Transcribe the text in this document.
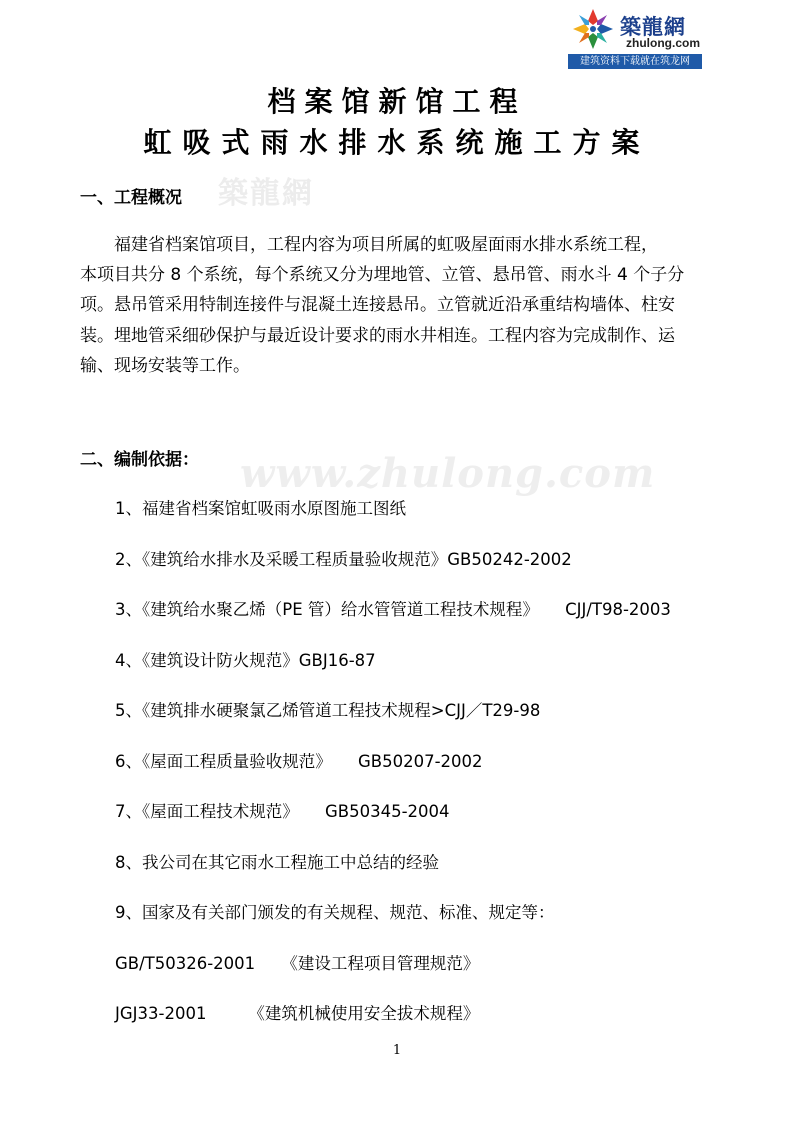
築龍網
zhulong.com
建筑资料下载就在筑龙网
档案馆新馆工程
虹吸式雨水排水系统施工方案
築龍網
www.zhulong.com
一、工程概况
　　福建省档案馆项目，工程内容为项目所属的虹吸屋面雨水排水系统工程，
本项目共分 8 个系统，每个系统又分为埋地管、立管、悬吊管、雨水斗 4 个子分
项。悬吊管采用特制连接件与混凝土连接悬吊。立管就近沿承重结构墙体、柱安
装。埋地管采细砂保护与最近设计要求的雨水井相连。工程内容为完成制作、运
输、现场安装等工作。
二、编制依据：
1、福建省档案馆虹吸雨水原图施工图纸
2、《建筑给水排水及采暖工程质量验收规范》GB50242-2002
3、《建筑给水聚乙烯（PE 管）给水管管道工程技术规程》     CJJ/T98-2003
4、《建筑设计防火规范》GBJ16-87
5、《建筑排水硬聚氯乙烯管道工程技术规程>CJJ／T29-98
6、《屋面工程质量验收规范》     GB50207-2002
7、《屋面工程技术规范》     GB50345-2004
8、我公司在其它雨水工程施工中总结的经验
9、国家及有关部门颁发的有关规程、规范、标准、规定等：
GB/T50326-2001     《建设工程项目管理规范》
JGJ33-2001        《建筑机械使用安全拔术规程》
1
